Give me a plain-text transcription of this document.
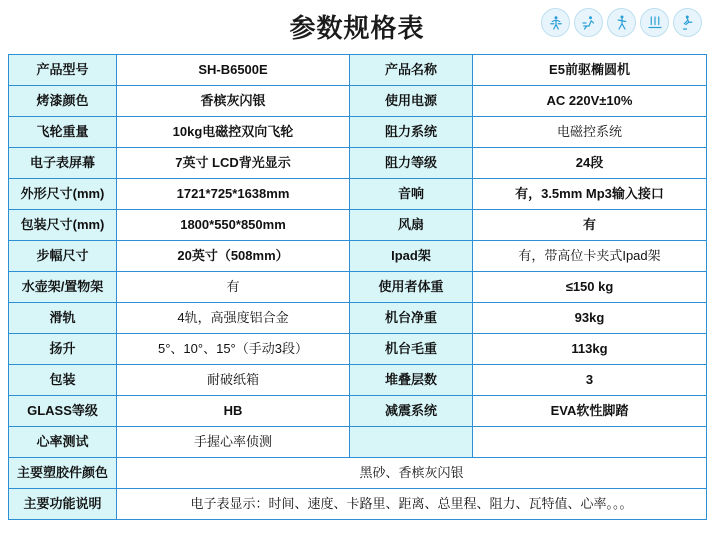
参数规格表
产品型号	SH-B6500E	产品名称	E5前驱椭圆机
烤漆颜色	香槟灰闪银	使用电源	AC 220V±10%
飞轮重量	10kg电磁控双向飞轮	阻力系统	电磁控系统
电子表屏幕	7英寸 LCD背光显示	阻力等级	24段
外形尺寸(mm)	1721*725*1638mm	音响	有，3.5mm Mp3输入接口
包装尺寸(mm)	1800*550*850mm	风扇	有
步幅尺寸	20英寸（508mm）	Ipad架	有，带高位卡夹式Ipad架
水壶架/置物架	有	使用者体重	≤150 kg
滑轨	4轨，高强度铝合金	机台净重	93kg
扬升	5°、10°、15°（手动3段）	机台毛重	113kg
包装	耐破纸箱	堆叠层数	3
GLASS等级	HB	减震系统	EVA软性脚踏
心率测试	手握心率侦测		
主要塑胶件颜色	黑砂、香槟灰闪银		
主要功能说明	电子表显示：时间、速度、卡路里、距离、总里程、阻力、瓦特值、心率。。。		
